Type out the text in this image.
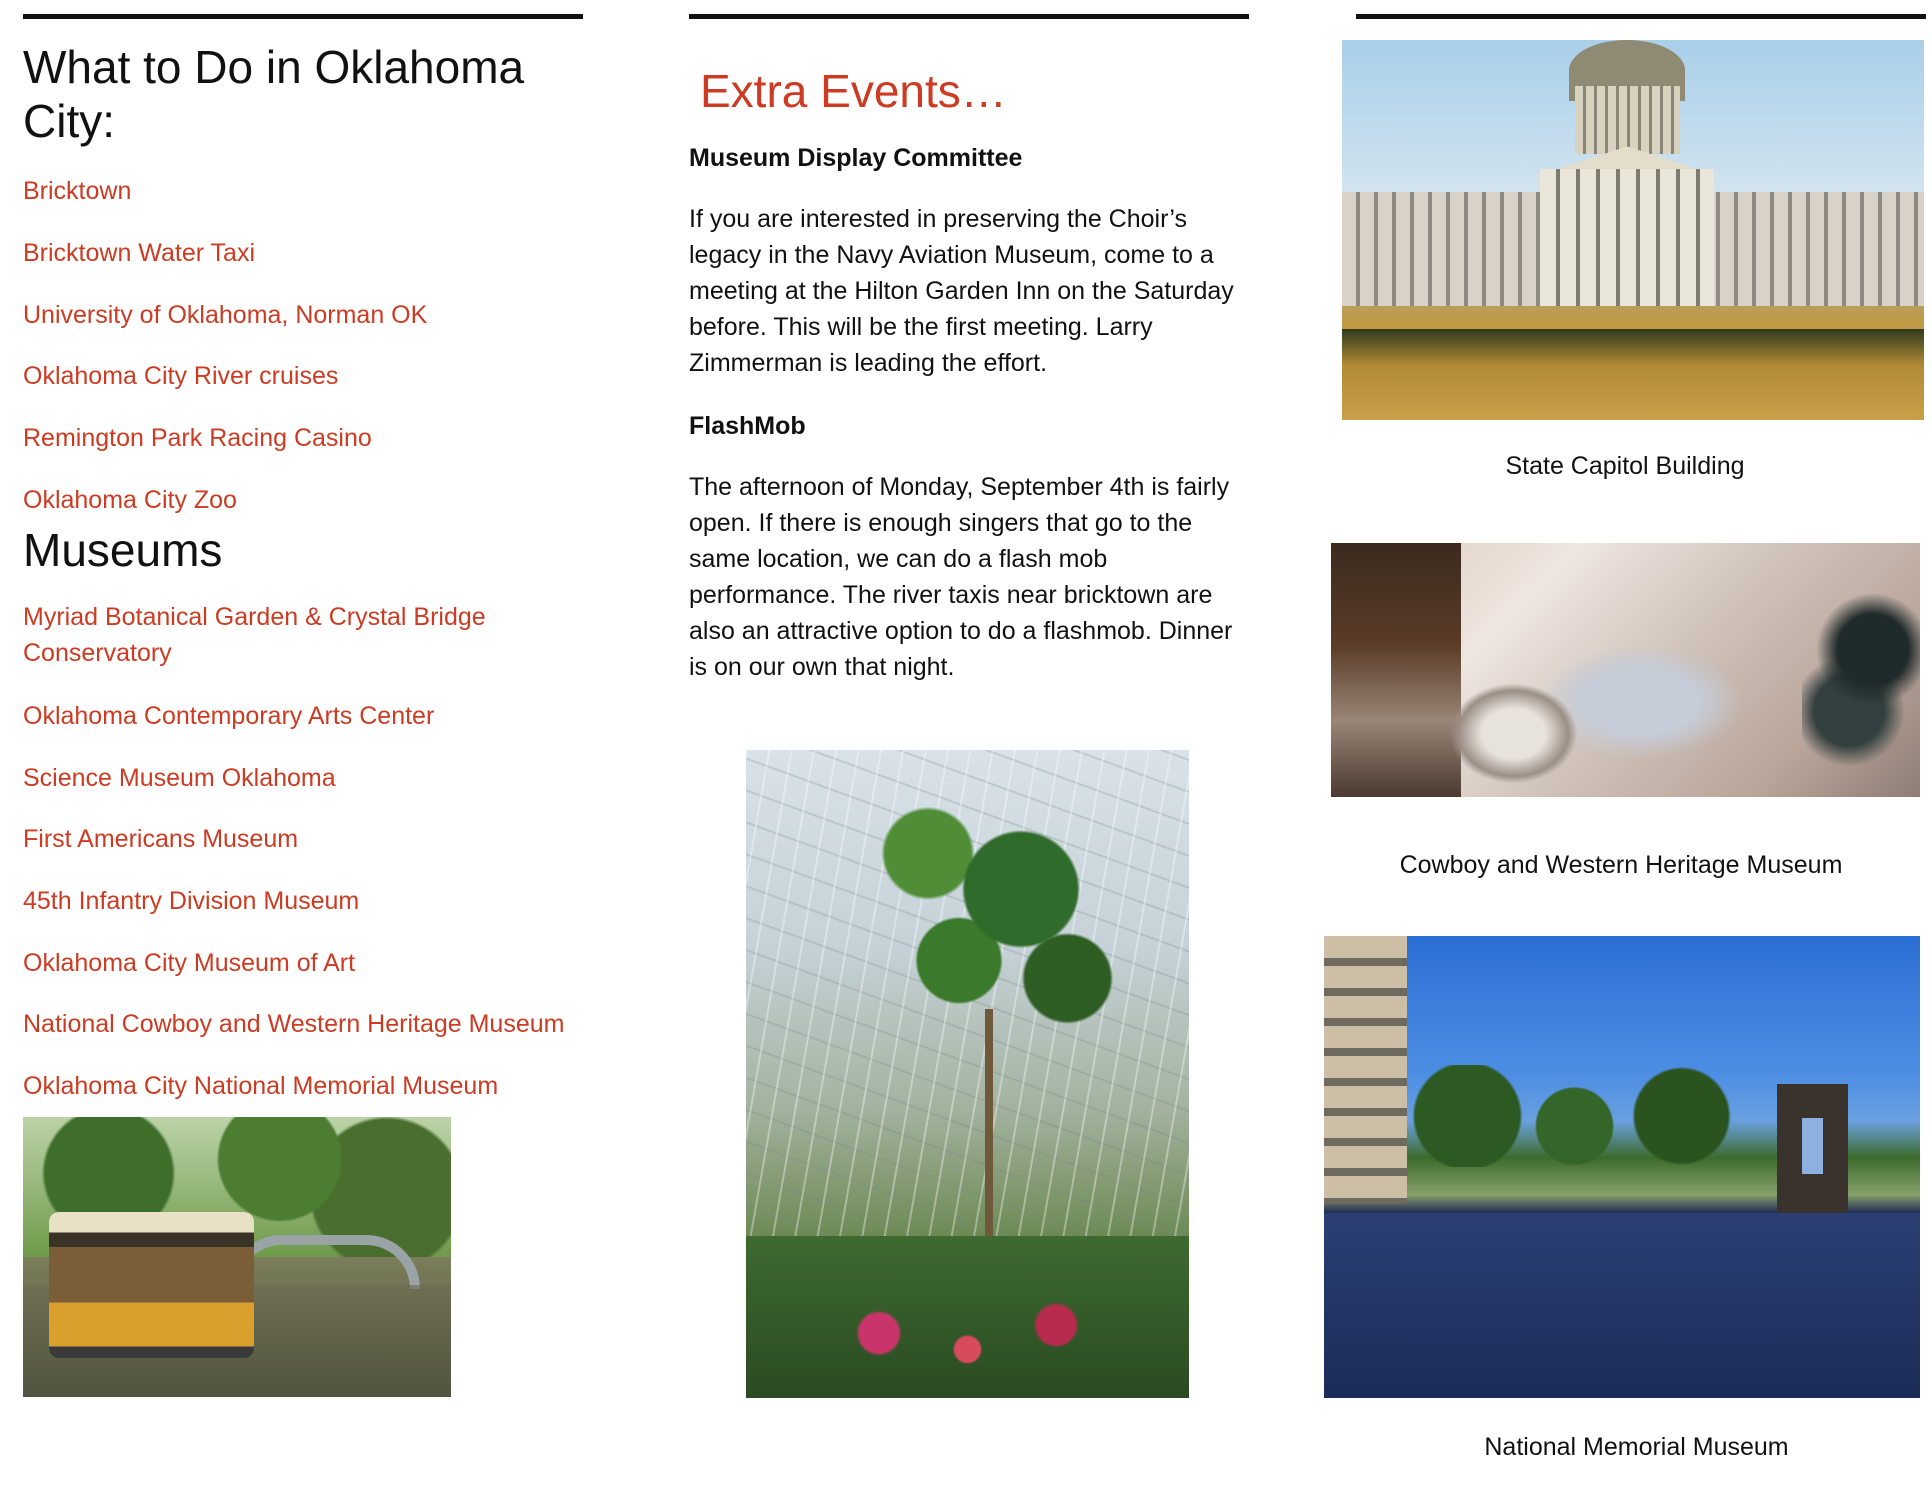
What to Do in Oklahoma City:
Bricktown
Bricktown Water Taxi
University of Oklahoma, Norman OK
Oklahoma City River cruises
Remington Park Racing Casino
Oklahoma City Zoo
Museums
Myriad Botanical Garden & Crystal Bridge Conservatory
Oklahoma Contemporary Arts Center
Science Museum Oklahoma
First Americans Museum
45th Infantry Division Museum
Oklahoma City Museum of Art
National Cowboy and Western Heritage Museum
Oklahoma City National Memorial Museum
Extra Events…
Museum Display Committee

If you are interested in preserving the Choir’s legacy in the Navy Aviation Museum, come to a meeting at the Hilton Garden Inn on the Saturday before. This will be the first meeting. Larry Zimmerman is leading the effort.

FlashMob

The afternoon of Monday, September 4th is fairly open. If there is enough singers that go to the same location, we can do a flash mob performance. The river taxis near bricktown are also an attractive option to do a flashmob. Dinner is on our own that night.

State Capitol Building
Cowboy and Western Heritage Museum
National Memorial Museum
